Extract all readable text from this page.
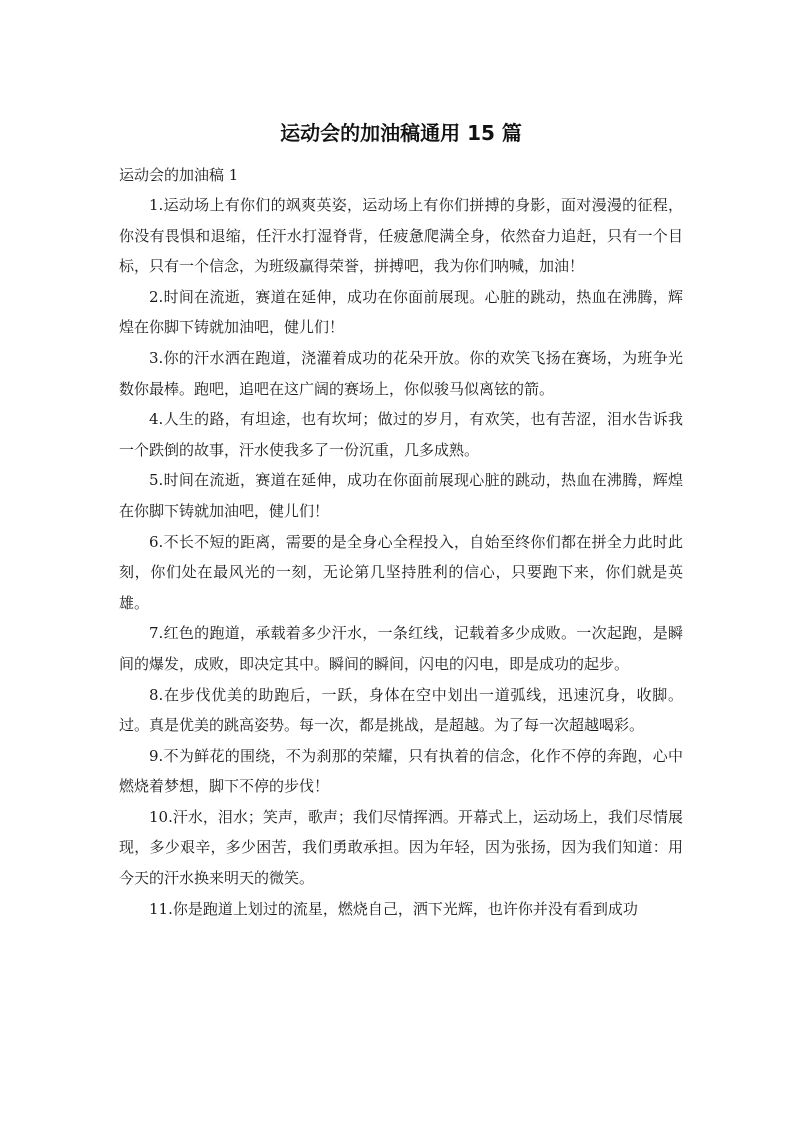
运动会的加油稿通用 15 篇

运动会的加油稿 1

1.运动场上有你们的飒爽英姿，运动场上有你们拼搏的身影，面对漫漫的征程，你没有畏惧和退缩，任汗水打湿脊背，任疲惫爬满全身，依然奋力追赶，只有一个目标，只有一个信念，为班级赢得荣誉，拼搏吧，我为你们呐喊，加油！

2.时间在流逝，赛道在延伸，成功在你面前展现。心脏的跳动，热血在沸腾，辉煌在你脚下铸就加油吧，健儿们！

3.你的汗水洒在跑道，浇灌着成功的花朵开放。你的欢笑飞扬在赛场，为班争光数你最棒。跑吧，追吧在这广阔的赛场上，你似骏马似离铉的箭。

4.人生的路，有坦途，也有坎坷；做过的岁月，有欢笑，也有苦涩，泪水告诉我一个跌倒的故事，汗水使我多了一份沉重，几多成熟。

5.时间在流逝，赛道在延伸，成功在你面前展现心脏的跳动，热血在沸腾，辉煌在你脚下铸就加油吧，健儿们！

6.不长不短的距离，需要的是全身心全程投入，自始至终你们都在拼全力此时此刻，你们处在最风光的一刻，无论第几坚持胜利的信心，只要跑下来，你们就是英雄。

7.红色的跑道，承载着多少汗水，一条红线，记载着多少成败。一次起跑，是瞬间的爆发，成败，即决定其中。瞬间的瞬间，闪电的闪电，即是成功的起步。

8.在步伐优美的助跑后，一跃，身体在空中划出一道弧线，迅速沉身，收脚。过。真是优美的跳高姿势。每一次，都是挑战，是超越。为了每一次超越喝彩。

9.不为鲜花的围绕，不为刹那的荣耀，只有执着的信念，化作不停的奔跑，心中燃烧着梦想，脚下不停的步伐！

10.汗水，泪水；笑声，歌声；我们尽情挥洒。开幕式上，运动场上，我们尽情展现，多少艰辛，多少困苦，我们勇敢承担。因为年轻，因为张扬，因为我们知道：用今天的汗水换来明天的微笑。

11.你是跑道上划过的流星，燃烧自己，洒下光辉，也许你并没有看到成功
